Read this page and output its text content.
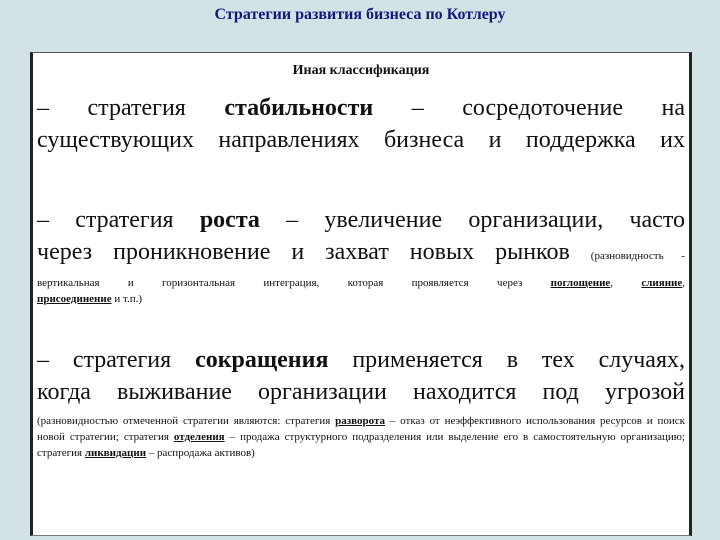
Стратегии развития бизнеса по Котлеру
Иная классификация
– стратегия стабильности – сосредоточение на
существующих направлениях бизнеса и поддержка их
– стратегия роста – увеличение организации, часто
через проникновение и захват новых рынков (разновидность -
вертикальная и горизонтальная интеграция, которая проявляется через	поглощение,	слияние,
присоединение и т.п.)
– стратегия сокращения применяется в тех случаях,
когда выживание организации находится под угрозой
(разновидностью отмеченной стратегии являются: стратегия разворота – отказ от неэффективного использования ресурсов и поиск новой стратегии; стратегия отделения – продажа структурного подразделения или выделение его в самостоятельную организацию; стратегия ликвидации – распродажа активов)
